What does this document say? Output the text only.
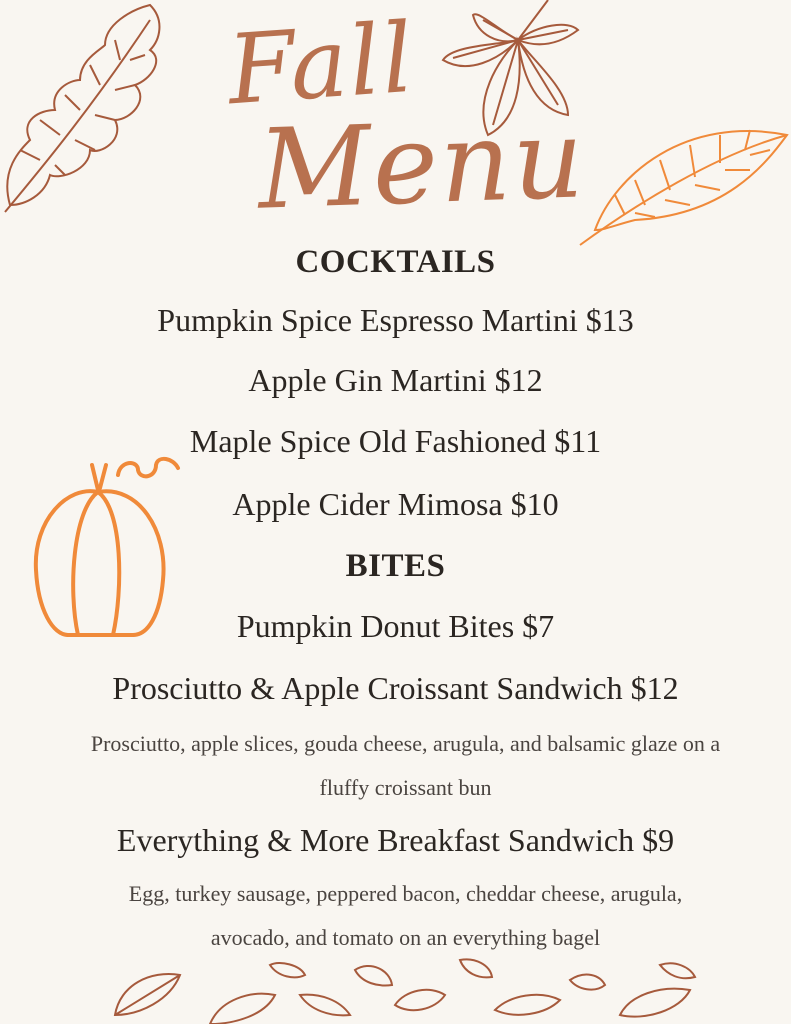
Fall
Menu
COCKTAILS
Pumpkin Spice Espresso Martini $13
Apple Gin Martini $12
Maple Spice Old Fashioned $11
Apple Cider Mimosa $10
BITES
Pumpkin Donut Bites $7
Prosciutto & Apple Croissant Sandwich $12
Prosciutto, apple slices, gouda cheese, arugula, and balsamic glaze on a fluffy croissant bun
Everything & More Breakfast Sandwich $9
Egg, turkey sausage, peppered bacon, cheddar cheese, arugula, avocado, and tomato on an everything bagel
